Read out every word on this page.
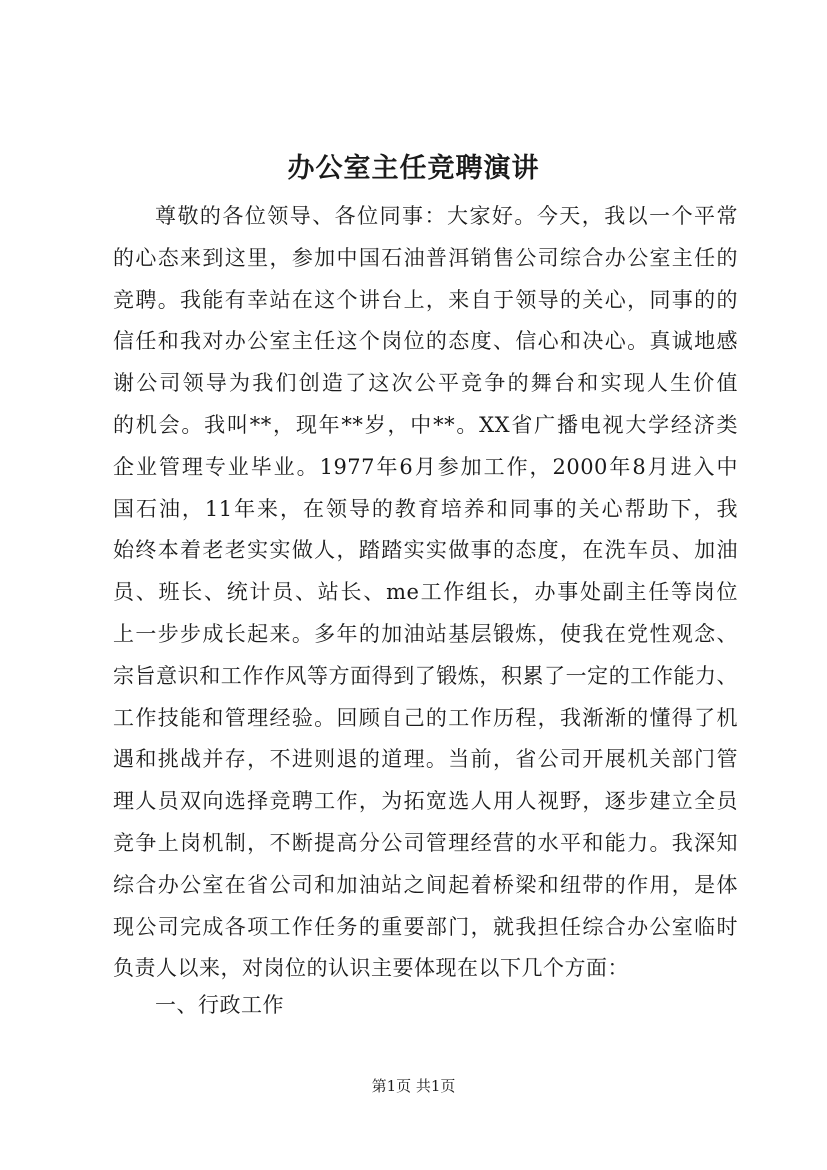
办公室主任竞聘演讲
尊敬的各位领导、各位同事：大家好。今天，我以一个平常
的心态来到这里，参加中国石油普洱销售公司综合办公室主任的
竞聘。我能有幸站在这个讲台上，来自于领导的关心，同事的的
信任和我对办公室主任这个岗位的态度、信心和决心。真诚地感
谢公司领导为我们创造了这次公平竞争的舞台和实现人生价值
的机会。我叫**，现年**岁，中**。XX省广播电视大学经济类
企业管理专业毕业。1977年6月参加工作，2000年8月进入中
国石油，11年来，在领导的教育培养和同事的关心帮助下，我
始终本着老老实实做人，踏踏实实做事的态度，在洗车员、加油
员、班长、统计员、站长、me工作组长，办事处副主任等岗位
上一步步成长起来。多年的加油站基层锻炼，使我在党性观念、
宗旨意识和工作作风等方面得到了锻炼，积累了一定的工作能力、
工作技能和管理经验。回顾自己的工作历程，我渐渐的懂得了机
遇和挑战并存，不进则退的道理。当前，省公司开展机关部门管
理人员双向选择竞聘工作，为拓宽选人用人视野，逐步建立全员
竞争上岗机制，不断提高分公司管理经营的水平和能力。我深知
综合办公室在省公司和加油站之间起着桥梁和纽带的作用，是体
现公司完成各项工作任务的重要部门，就我担任综合办公室临时
负责人以来，对岗位的认识主要体现在以下几个方面：
一、行政工作
第1页 共1页
